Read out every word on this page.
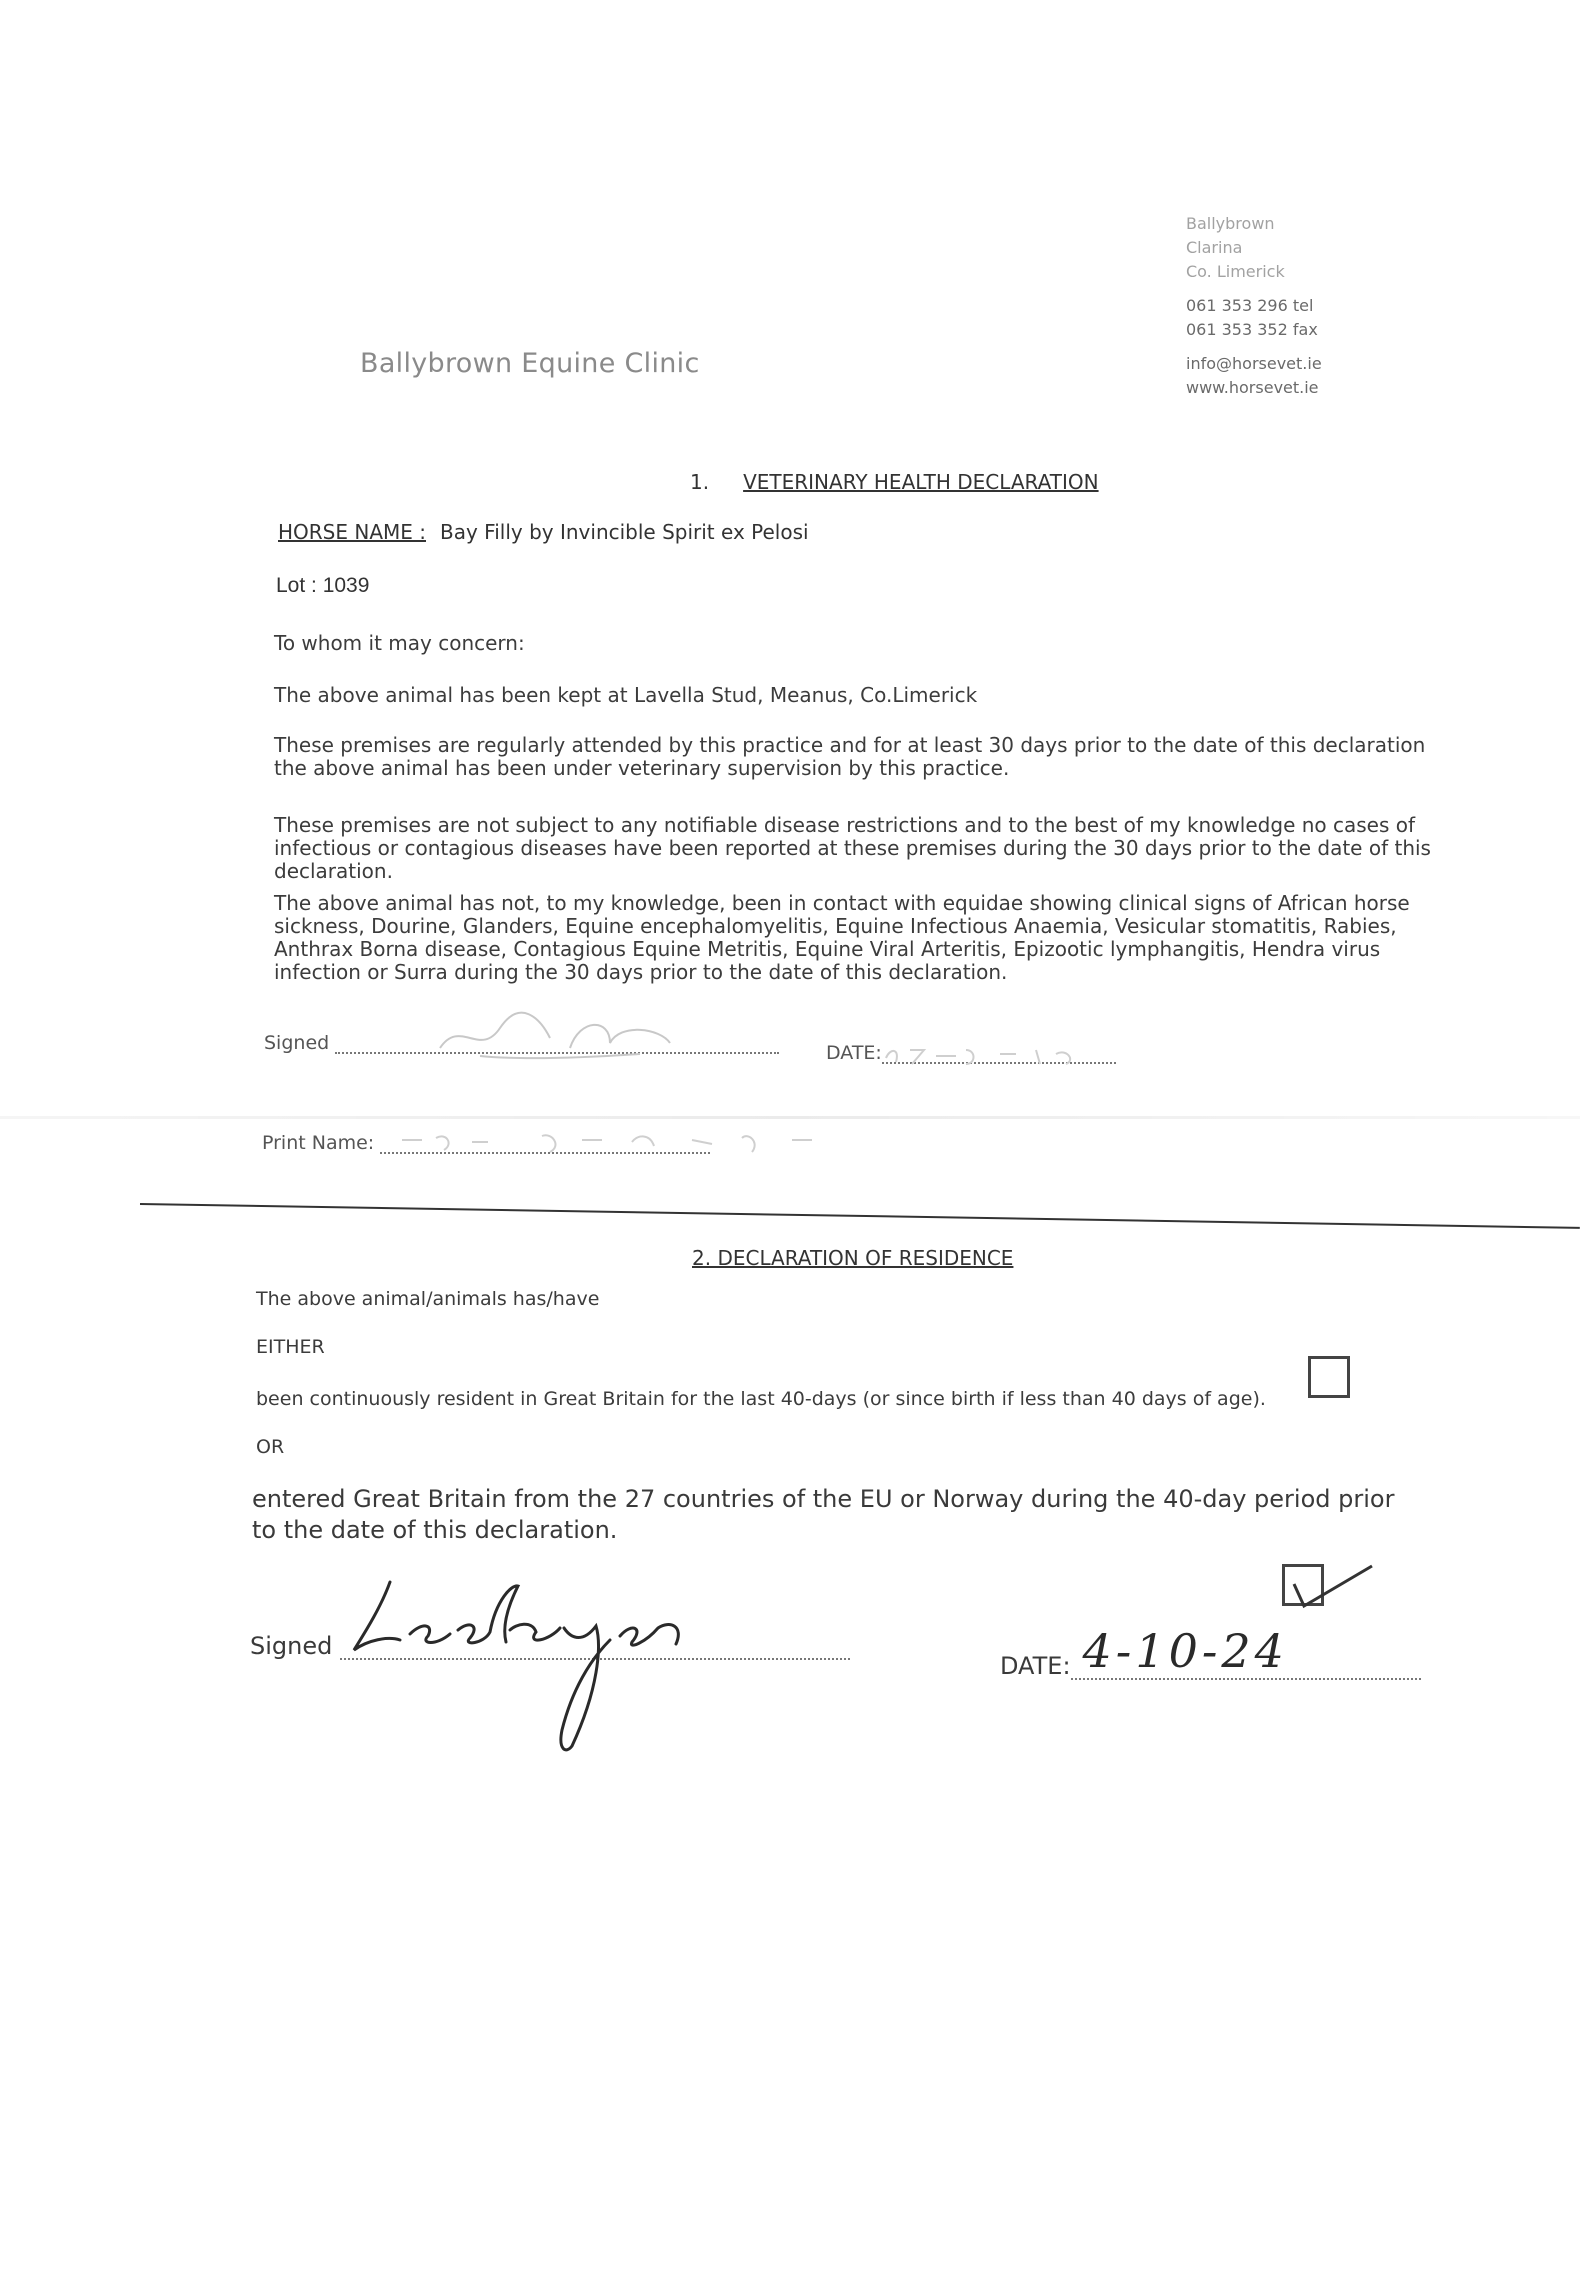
Ballybrown Equine Clinic
Ballybrown
Clarina
Co. Limerick
061 353 296 tel
061 353 352 fax
info@horsevet.ie
www.horsevet.ie
1. VETERINARY HEALTH DECLARATION
HORSE NAME : Bay Filly by Invincible Spirit ex Pelosi
Lot : 1039
To whom it may concern:
The above animal has been kept at Lavella Stud, Meanus, Co.Limerick
These premises are regularly attended by this practice and for at least 30 days prior to the date of this declaration the above animal has been under veterinary supervision by this practice.
These premises are not subject to any notifiable disease restrictions and to the best of my knowledge no cases of infectious or contagious diseases have been reported at these premises during the 30 days prior to the date of this declaration.
The above animal has not, to my knowledge, been in contact with equidae showing clinical signs of African horse sickness, Dourine, Glanders, Equine encephalomyelitis, Equine Infectious Anaemia, Vesicular stomatitis, Rabies, Anthrax Borna disease, Contagious Equine Metritis, Equine Viral Arteritis, Epizootic lymphangitis, Hendra virus infection or Surra during the 30 days prior to the date of this declaration.
Signed	DATE:
Print Name:
2. DECLARATION OF RESIDENCE
The above animal/animals has/have
EITHER
been continuously resident in Great Britain for the last 40-days (or since birth if less than 40 days of age).
OR
entered Great Britain from the 27 countries of the EU or Norway during the 40-day period prior to the date of this declaration.
Signed
DATE: 4-10-24
